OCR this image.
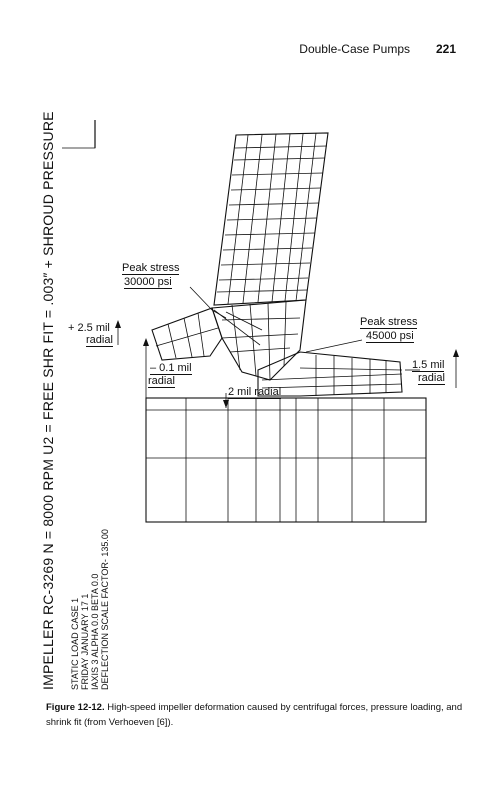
Double-Case Pumps 221
IMPELLER RC-3269 N = 8000 RPM U2 = FREE SHR FIT = .003″ + SHROUD PRESSURE STATIC LOAD CASE 1 FRIDAY JANUARY 17 1 IAXIS 3 ALPHA 0.0 BETA 0.0 DEFLECTION SCALE FACTOR- 135.00
Peak stress
30000 psi
Peak stress
45000 psi
+ 2.5 mil
radial
– 0.1 mil
radial
2 mil radial
1.5 mil
radial
Figure 12-12. High-speed impeller deformation caused by centrifugal forces, pressure loading, and shrink fit (from Verhoeven [6]).
